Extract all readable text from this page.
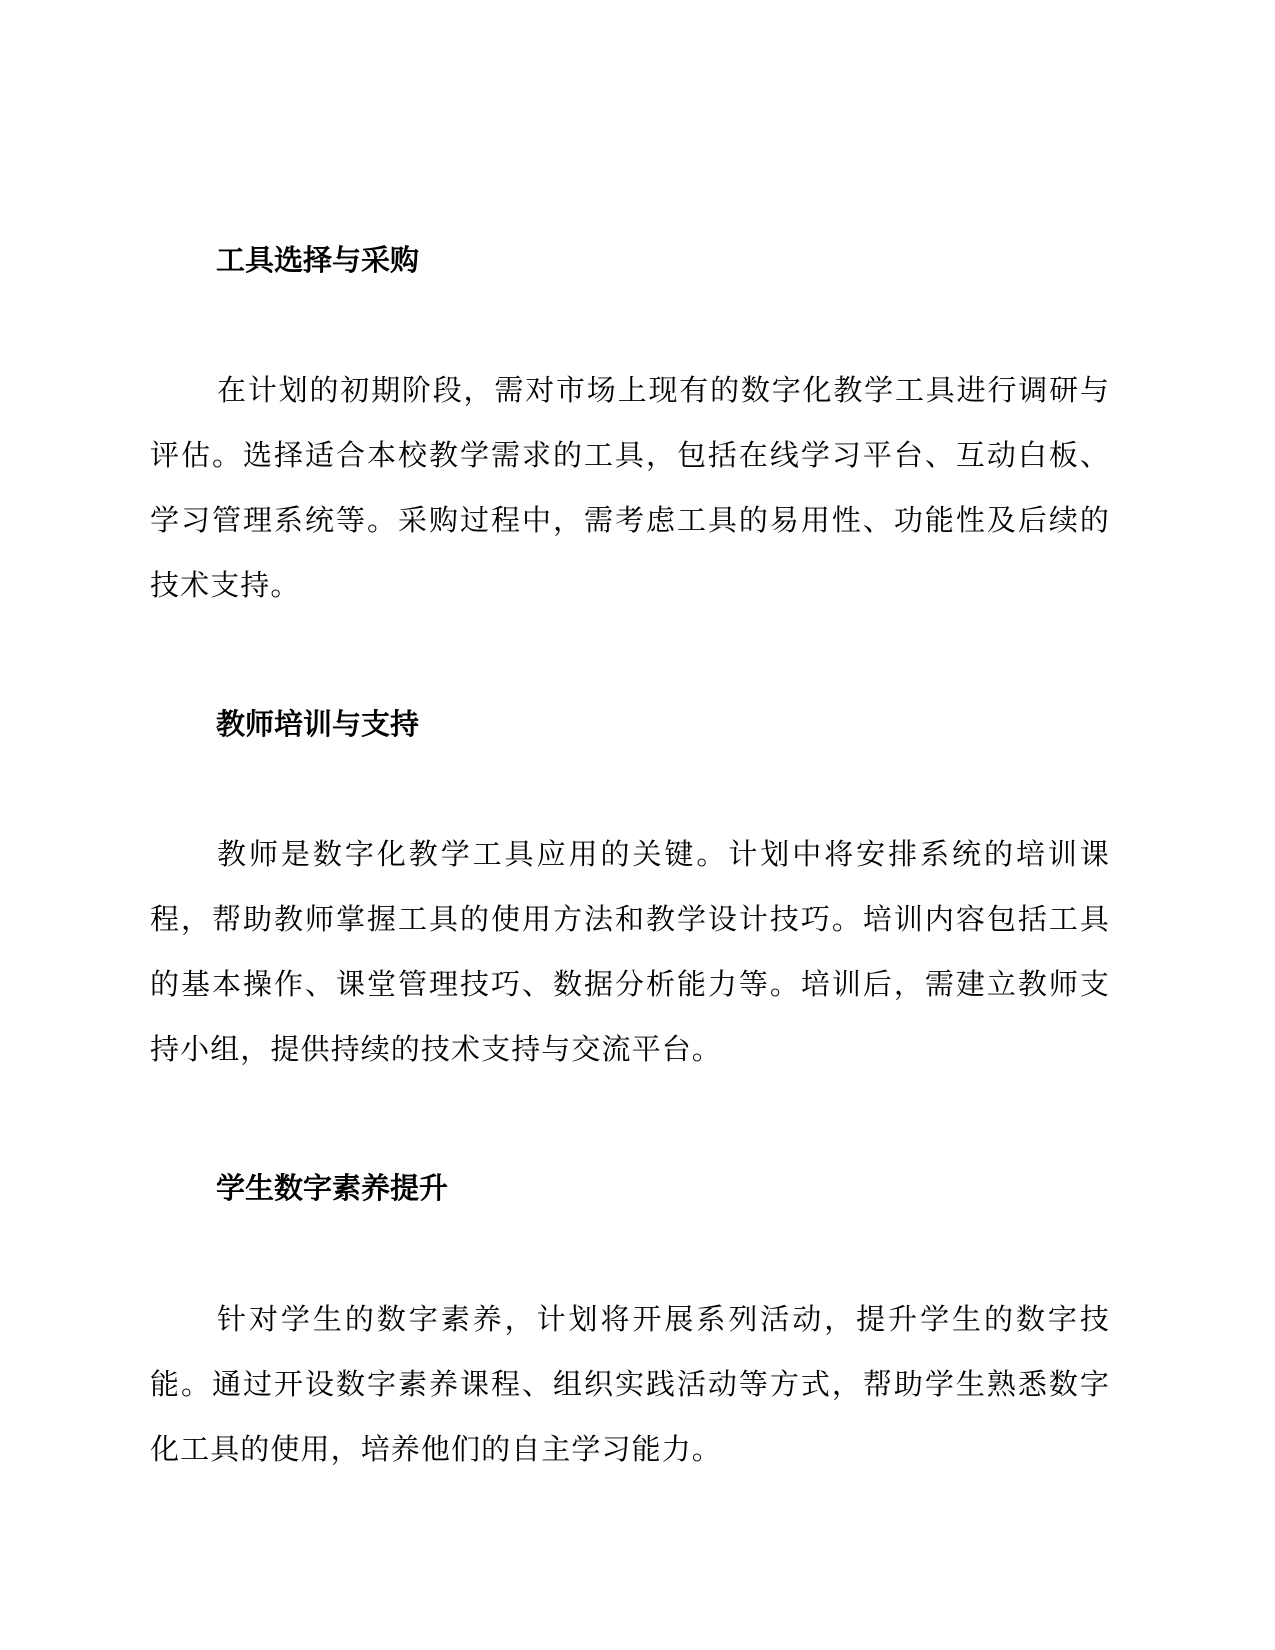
工具选择与采购

在计划的初期阶段，需对市场上现有的数字化教学工具进行调研与评估。选择适合本校教学需求的工具，包括在线学习平台、互动白板、学习管理系统等。采购过程中，需考虑工具的易用性、功能性及后续的技术支持。

教师培训与支持

教师是数字化教学工具应用的关键。计划中将安排系统的培训课程，帮助教师掌握工具的使用方法和教学设计技巧。培训内容包括工具的基本操作、课堂管理技巧、数据分析能力等。培训后，需建立教师支持小组，提供持续的技术支持与交流平台。

学生数字素养提升

针对学生的数字素养，计划将开展系列活动，提升学生的数字技能。通过开设数字素养课程、组织实践活动等方式，帮助学生熟悉数字化工具的使用，培养他们的自主学习能力。
